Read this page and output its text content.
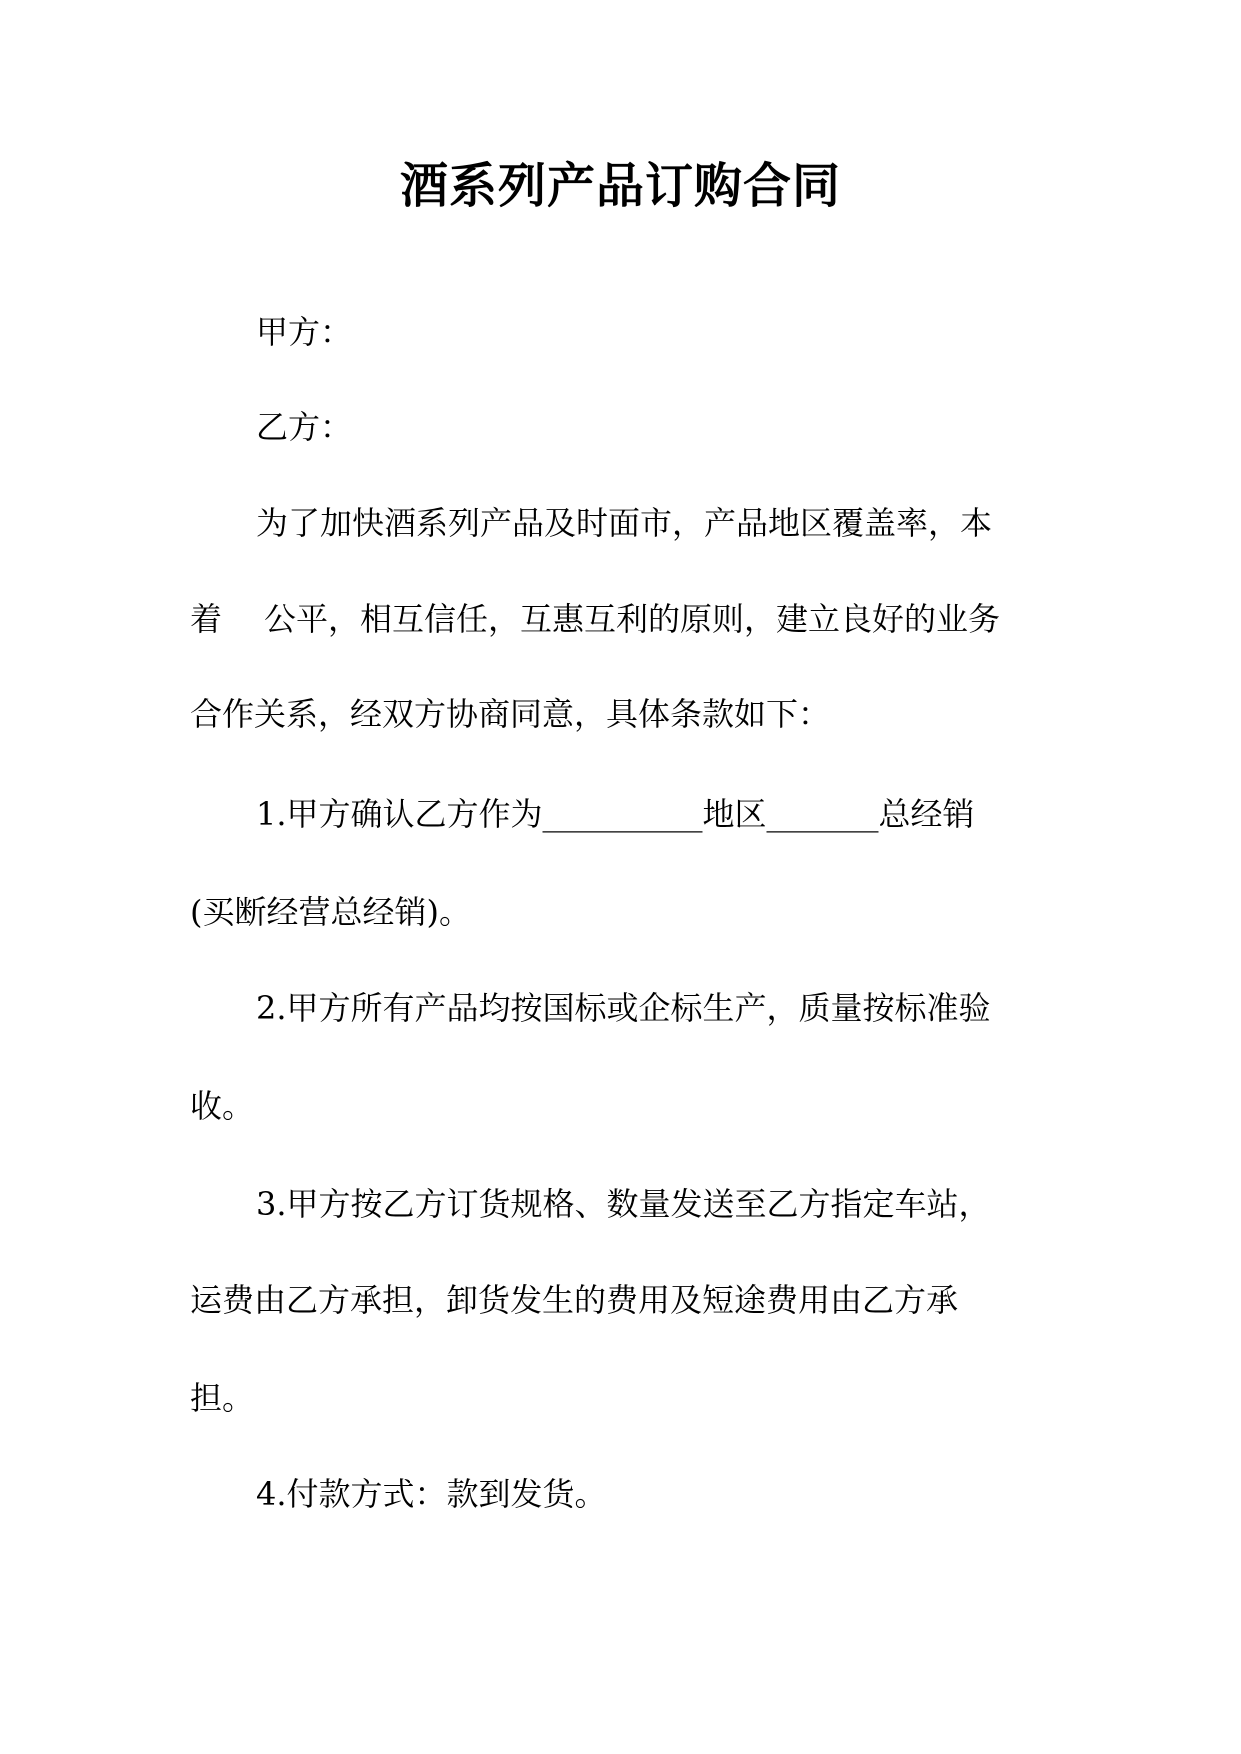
酒系列产品订购合同
甲方：
乙方：
为了加快酒系列产品及时面市，产品地区覆盖率，本
着 公平，相互信任，互惠互利的原则，建立良好的业务
合作关系，经双方协商同意，具体条款如下：
1.甲方确认乙方作为__________地区_______总经销
(买断经营总经销)。
2.甲方所有产品均按国标或企标生产，质量按标准验
收。
3.甲方按乙方订货规格、数量发送至乙方指定车站，
运费由乙方承担，卸货发生的费用及短途费用由乙方承
担。
4.付款方式：款到发货。
